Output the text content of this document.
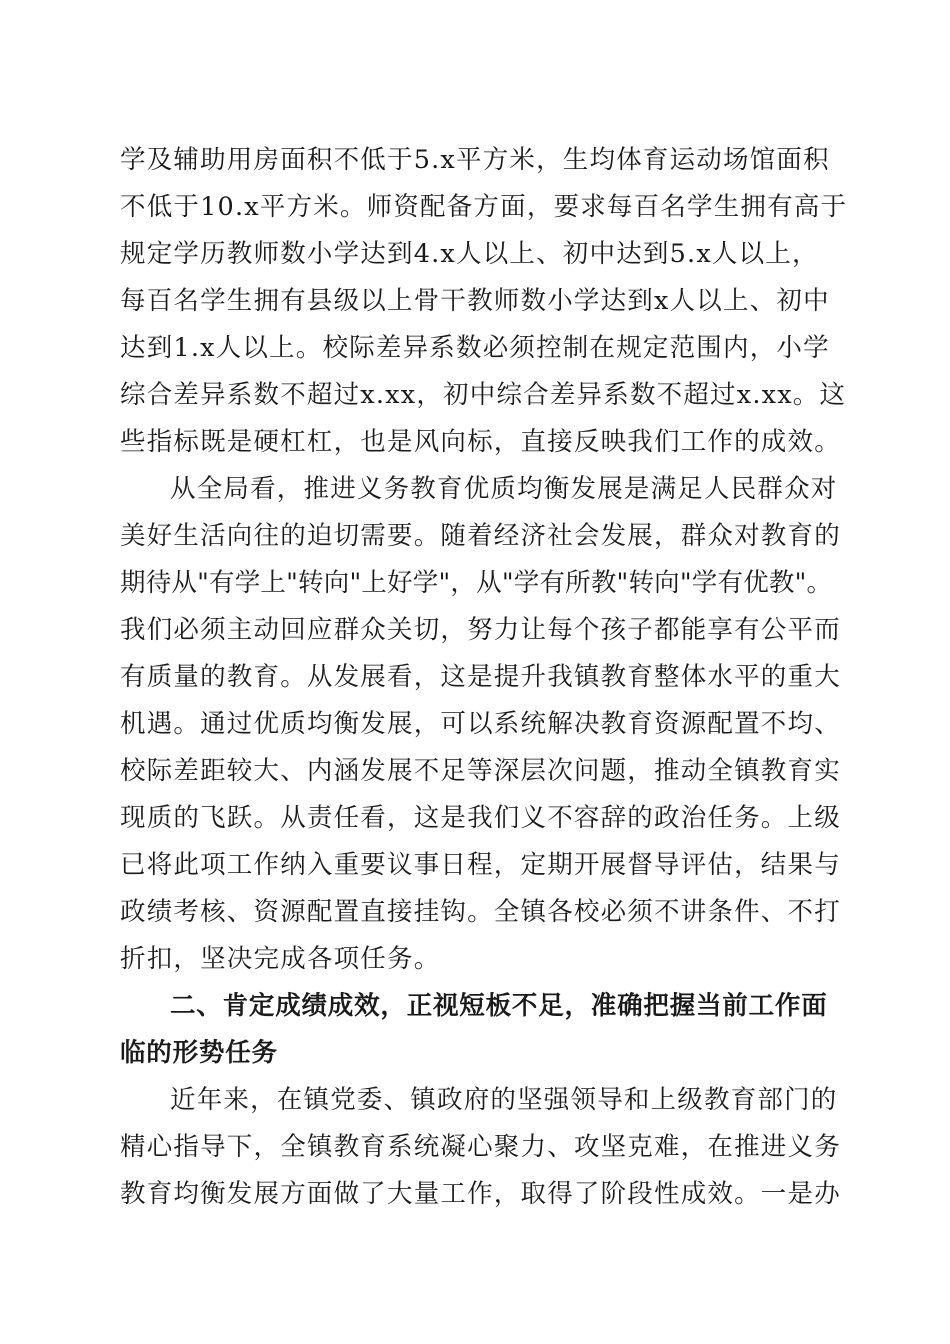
学及辅助用房面积不低于5.x平方米，生均体育运动场馆面积
不低于10.x平方米。师资配备方面，要求每百名学生拥有高于
规定学历教师数小学达到4.x人以上、初中达到5.x人以上，
每百名学生拥有县级以上骨干教师数小学达到x人以上、初中
达到1.x人以上。校际差异系数必须控制在规定范围内，小学
综合差异系数不超过x.xx，初中综合差异系数不超过x.xx。这
些指标既是硬杠杠，也是风向标，直接反映我们工作的成效。
从全局看，推进义务教育优质均衡发展是满足人民群众对
美好生活向往的迫切需要。随着经济社会发展，群众对教育的
期待从"有学上"转向"上好学"，从"学有所教"转向"学有优教"。
我们必须主动回应群众关切，努力让每个孩子都能享有公平而
有质量的教育。从发展看，这是提升我镇教育整体水平的重大
机遇。通过优质均衡发展，可以系统解决教育资源配置不均、
校际差距较大、内涵发展不足等深层次问题，推动全镇教育实
现质的飞跃。从责任看，这是我们义不容辞的政治任务。上级
已将此项工作纳入重要议事日程，定期开展督导评估，结果与
政绩考核、资源配置直接挂钩。全镇各校必须不讲条件、不打
折扣，坚决完成各项任务。
二、肯定成绩成效，正视短板不足，准确把握当前工作面
临的形势任务
近年来，在镇党委、镇政府的坚强领导和上级教育部门的
精心指导下，全镇教育系统凝心聚力、攻坚克难，在推进义务
教育均衡发展方面做了大量工作，取得了阶段性成效。一是办
